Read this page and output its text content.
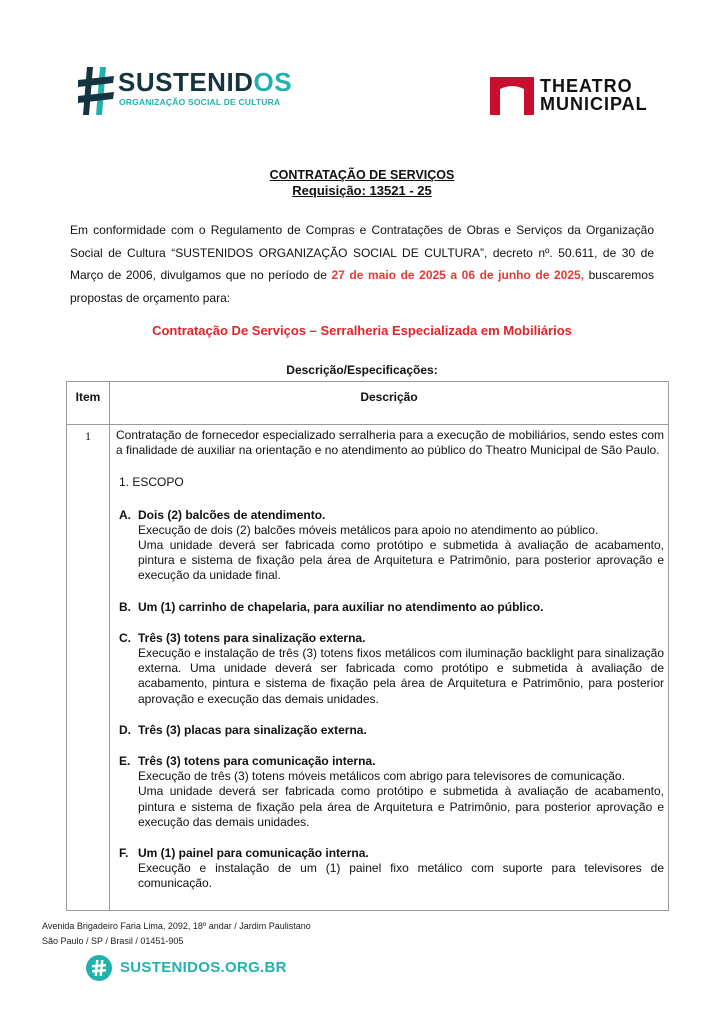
SUSTENIDOS
ORGANIZAÇÃO SOCIAL DE CULTURA
THEATRO
MUNICIPAL
CONTRATAÇÃO DE SERVIÇOS
Requisição: 13521 - 25
Em conformidade com o Regulamento de Compras e Contratações de Obras e Serviços da Organização Social de Cultura “SUSTENIDOS ORGANIZAÇÃO SOCIAL DE CULTURA”, decreto nº. 50.611, de 30 de Março de 2006, divulgamos que no período de 27 de maio de 2025 a 06 de junho de 2025, buscaremos propostas de orçamento para:
Contratação De Serviços – Serralheria Especializada em Mobiliários
Descrição/Especificações:
Item	Descrição
1	Contratação de fornecedor especializado serralheria para a execução de mobiliários, sendo estes com a finalidade de auxiliar na orientação e no atendimento ao público do Theatro Municipal de São Paulo.

1. ESCOPO

A. Dois (2) balcões de atendimento.

Execução de dois (2) balcões móveis metálicos para apoio no atendimento ao público.

Uma unidade deverá ser fabricada como protótipo e submetida à avaliação de acabamento, pintura e sistema de fixação pela área de Arquitetura e Patrimônio, para posterior aprovação e execução da unidade final.

B. Um (1) carrinho de chapelaria, para auxiliar no atendimento ao público.
C. Três (3) totens para sinalização externa.

Execução e instalação de três (3) totens fixos metálicos com iluminação backlight para sinalização externa. Uma unidade deverá ser fabricada como protótipo e submetida à avaliação de acabamento, pintura e sistema de fixação pela área de Arquitetura e Patrimônio, para posterior aprovação e execução das demais unidades.

D. Três (3) placas para sinalização externa.
E. Três (3) totens para comunicação interna.

Execução de três (3) totens móveis metálicos com abrigo para televisores de comunicação.

Uma unidade deverá ser fabricada como protótipo e submetida à avaliação de acabamento, pintura e sistema de fixação pela área de Arquitetura e Patrimônio, para posterior aprovação e execução das demais unidades.

F. Um (1) painel para comunicação interna.

Execução e instalação de um (1) painel fixo metálico com suporte para televisores de comunicação.

Avenida Brigadeiro Faria Lima, 2092, 18º andar / Jardim Paulistano
São Paulo / SP / Brasil / 01451-905
SUSTENIDOS.ORG.BR
